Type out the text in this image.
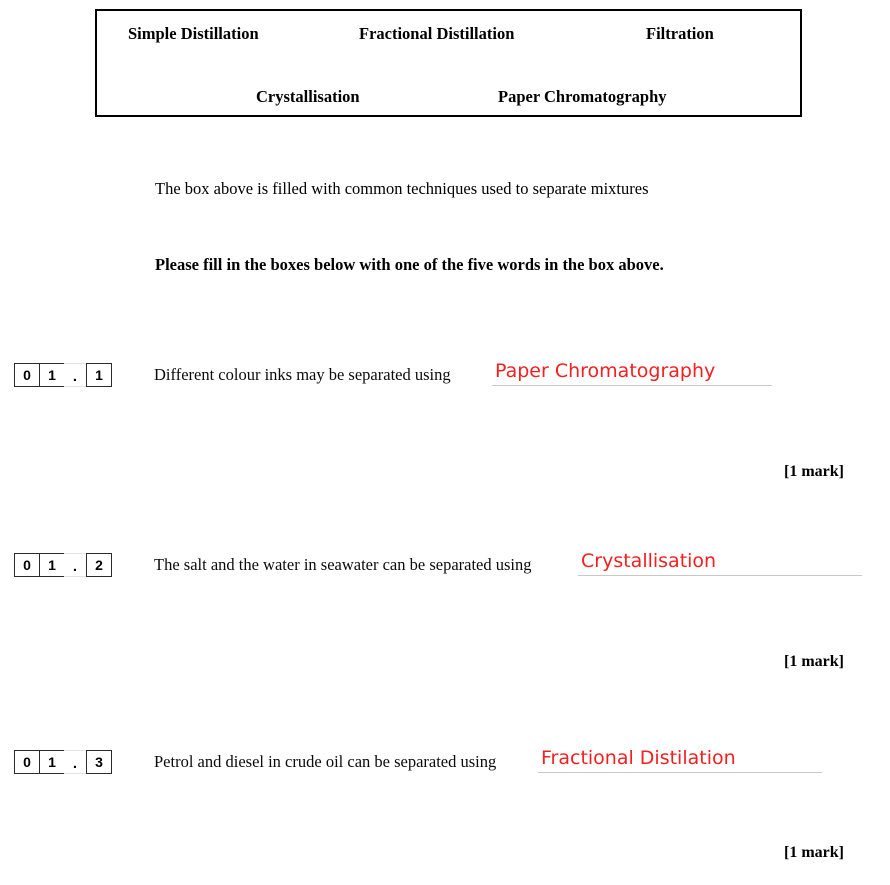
Simple Distillation	Fractional Distillation	Filtration
Crystallisation	Paper Chromatography
The box above is filled with common techniques used to separate mixtures
Please fill in the boxes below with one of the five words in the box above.
0	1	.	1	Different colour inks may be separated using Paper Chromatography
[1 mark]
0	1	.	2	The salt and the water in seawater can be separated using	Crystallisation
[1 mark]
0	1	.	3	Petrol and diesel in crude oil can be separated using Fractional Distilation
[1 mark]
